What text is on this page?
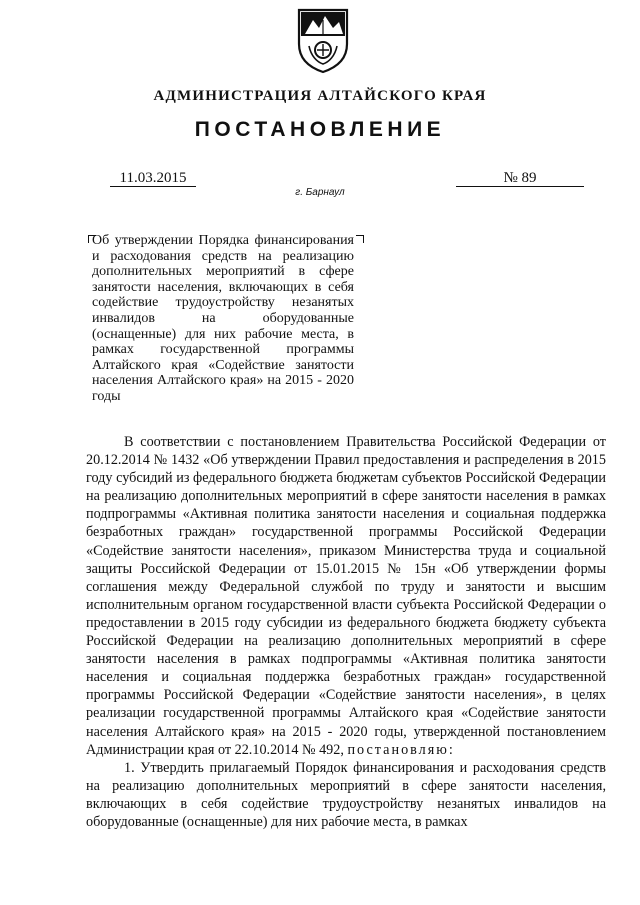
АДМИНИСТРАЦИЯ АЛТАЙСКОГО КРАЯ
ПОСТАНОВЛЕНИЕ
11.03.2015	№ 89
г. Барнаул

Об утверждении Порядка финансирования и расходования средств на реализацию дополнительных мероприятий в сфере занятости населения, включающих в себя содействие трудоустройству незанятых инвалидов на оборудованные (оснащенные) для них рабочие места, в рамках государственной программы Алтайского края «Содействие занятости населения Алтайского края» на 2015 - 2020 годы

В соответствии с постановлением Правительства Российской Федерации от 20.12.2014 № 1432 «Об утверждении Правил предоставления и распределения в 2015 году субсидий из федерального бюджета бюджетам субъектов Российской Федерации на реализацию дополнительных мероприятий в сфере занятости населения в рамках подпрограммы «Активная политика занятости населения и социальная поддержка безработных граждан» государственной программы Российской Федерации «Содействие занятости населения», приказом Министерства труда и социальной защиты Российской Федерации от 15.01.2015 № 15н «Об утверждении формы соглашения между Федеральной службой по труду и занятости и высшим исполнительным органом государственной власти субъекта Российской Федерации о предоставлении в 2015 году субсидии из федерального бюджета бюджету субъекта Российской Федерации на реализацию дополнительных мероприятий в сфере занятости населения в рамках подпрограммы «Активная политика занятости населения и социальная поддержка безработных граждан» государственной программы Российской Федерации «Содействие занятости населения», в целях реализации государственной программы Алтайского края «Содействие занятости населения Алтайского края» на 2015 - 2020 годы, утвержденной постановлением Администрации края от 22.10.2014 № 492, постановляю:

1. Утвердить прилагаемый Порядок финансирования и расходования средств на реализацию дополнительных мероприятий в сфере занятости населения, включающих в себя содействие трудоустройству незанятых инвалидов на оборудованные (оснащенные) для них рабочие места, в рамках
